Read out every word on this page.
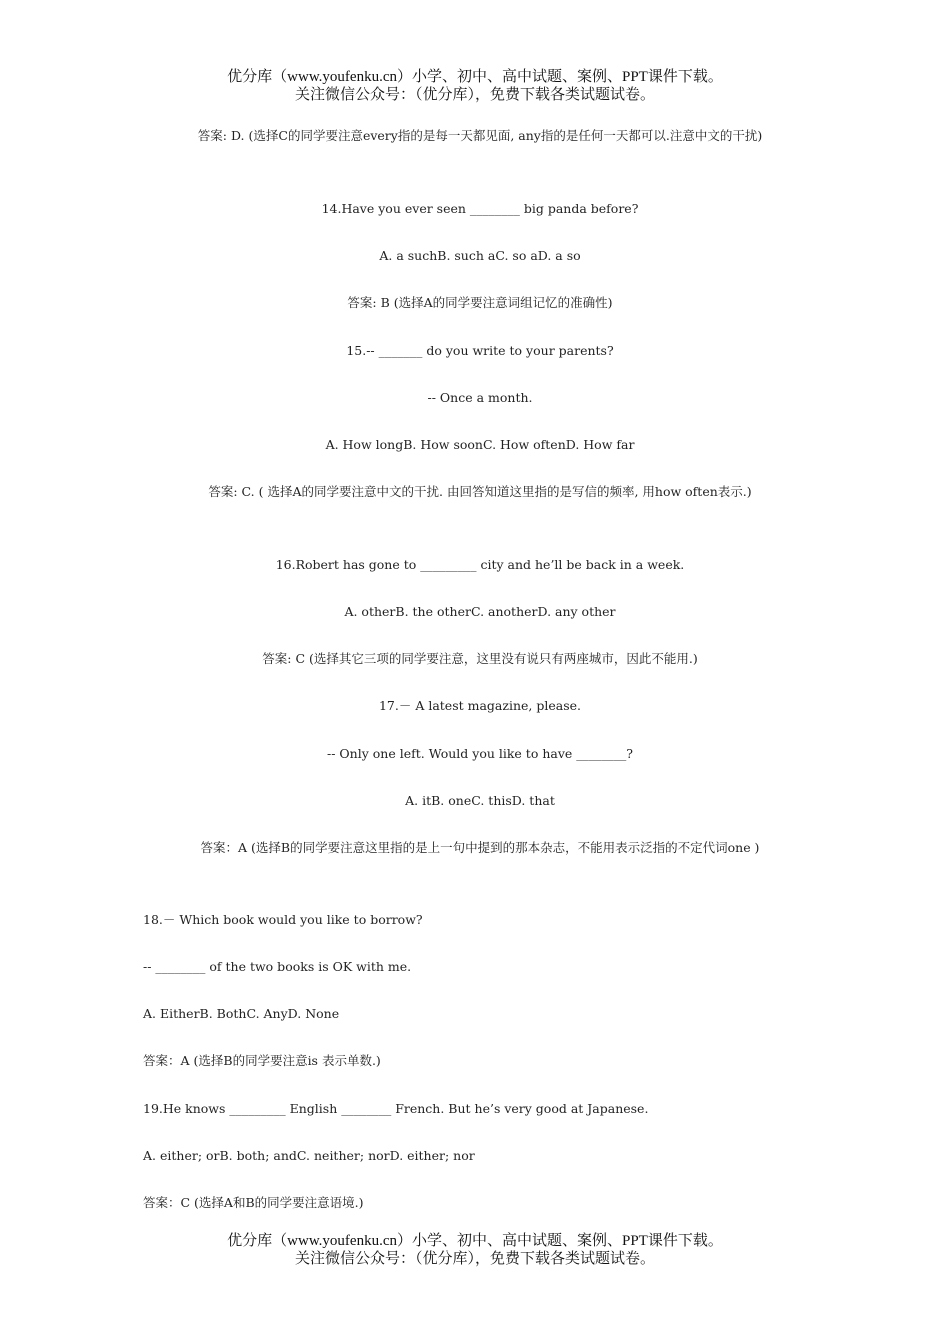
优分库（www.youfenku.cn）小学、初中、高中试题、案例、PPT课件下载。
关注微信公众号：（优分库），免费下载各类试题试卷。
答案: D. (选择C的同学要注意every指的是每一天都见面, any指的是任何一天都可以.注意中文的干扰)
14.Have you ever seen ________ big panda before?
A. a suchB. such aC. so aD. a so
答案: B (选择A的同学要注意词组记忆的准确性)
15.-- _______ do you write to your parents?
-- Once a month.
A. How longB. How soonC. How oftenD. How far
答案: C. ( 选择A的同学要注意中文的干扰. 由回答知道这里指的是写信的频率, 用how often表示.)
16.Robert has gone to _________ city and he’ll be back in a week.
A. otherB. the otherC. anotherD. any other
答案: C (选择其它三项的同学要注意，这里没有说只有两座城市，因此不能用.)
17.－ A latest magazine, please.
-- Only one left. Would you like to have ________?
A. itB. oneC. thisD. that
答案：A (选择B的同学要注意这里指的是上一句中提到的那本杂志，不能用表示泛指的不定代词one )
18.－ Which book would you like to borrow?
-- ________ of the two books is OK with me.
A. EitherB. BothC. AnyD. None
答案：A (选择B的同学要注意is 表示单数.)
19.He knows _________ English ________ French. But he’s very good at Japanese.
A. either; orB. both; andC. neither; norD. either; nor
答案：C (选择A和B的同学要注意语境.)
优分库（www.youfenku.cn）小学、初中、高中试题、案例、PPT课件下载。
关注微信公众号：（优分库），免费下载各类试题试卷。
